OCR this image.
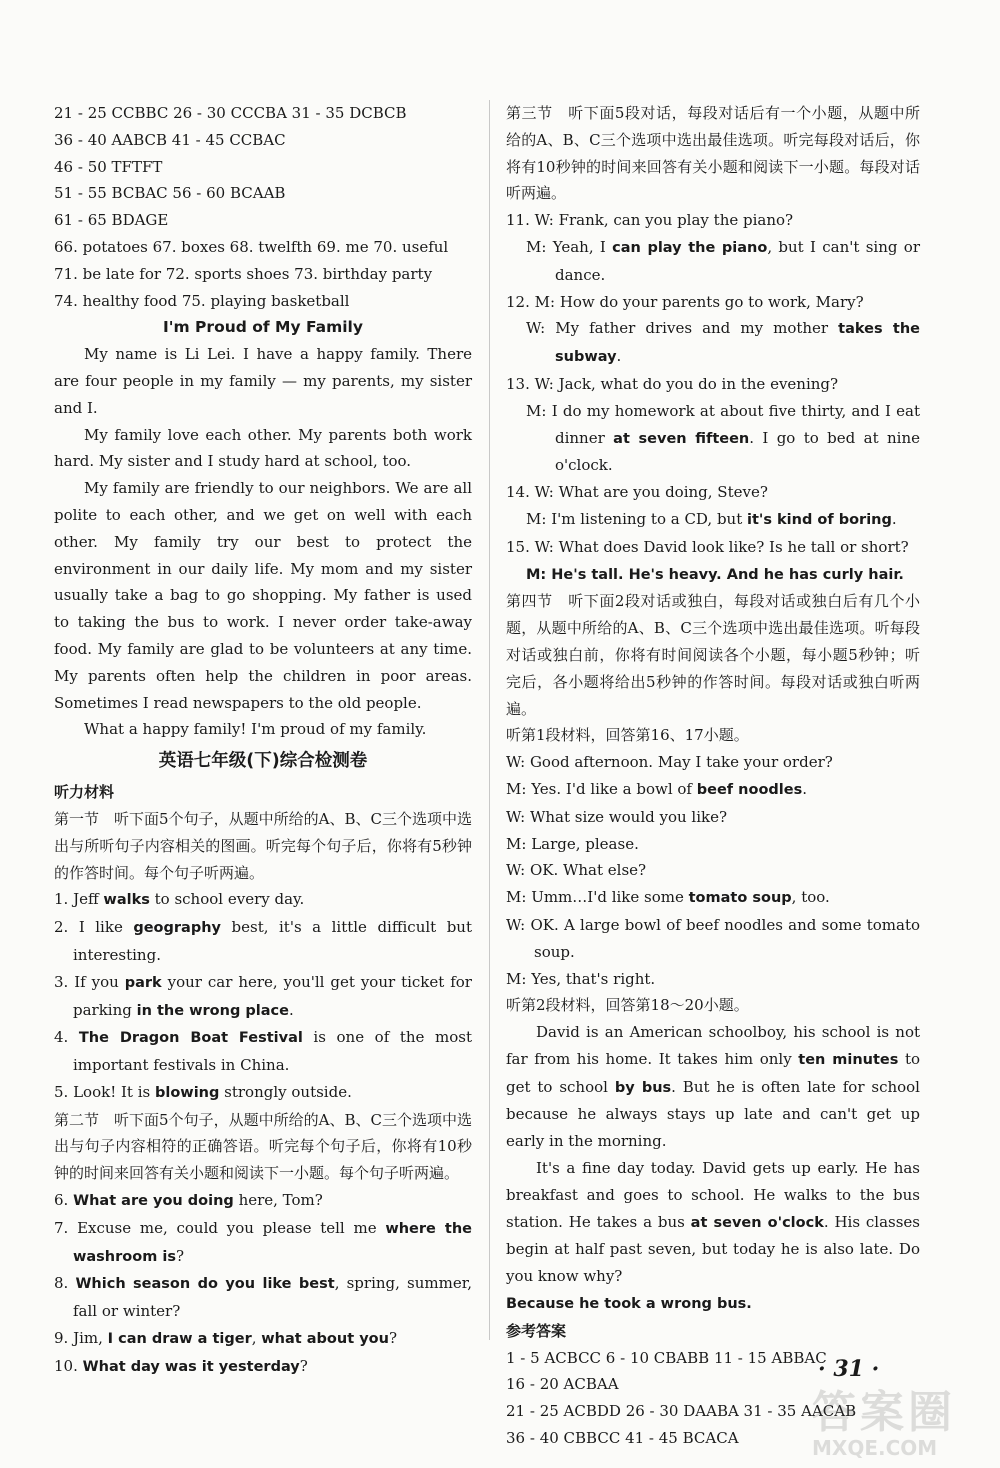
21 - 25 CCBBC 26 - 30 CCCBA 31 - 35 DCBCB

36 - 40 AABCB 41 - 45 CCBAC

46 - 50 TFTFT

51 - 55 BCBAC 56 - 60 BCAAB

61 - 65 BDAGE

66. potatoes 67. boxes 68. twelfth 69. me 70. useful

71. be late for 72. sports shoes 73. birthday party

74. healthy food 75. playing basketball

I'm Proud of My Family

My name is Li Lei. I have a happy family. There are four people in my family — my parents, my sister and I.

My family love each other. My parents both work hard. My sister and I study hard at school, too.

My family are friendly to our neighbors. We are all polite to each other, and we get on well with each other. My family try our best to protect the environment in our daily life. My mom and my sister usually take a bag to go shopping. My father is used to taking the bus to work. I never order take-away food. My family are glad to be volunteers at any time. My parents often help the children in poor areas. Sometimes I read newspapers to the old people.

What a happy family! I'm proud of my family.

英语七年级(下)综合检测卷

听力材料

第一节　听下面5个句子，从题中所给的A、B、C三个选项中选出与所听句子内容相关的图画。听完每个句子后，你将有5秒钟的作答时间。每个句子听两遍。

1. Jeff walks to school every day.

2. I like geography best, it's a little difficult but interesting.

3. If you park your car here, you'll get your ticket for parking in the wrong place.

4. The Dragon Boat Festival is one of the most important festivals in China.

5. Look! It is blowing strongly outside.

第二节　听下面5个句子，从题中所给的A、B、C三个选项中选出与句子内容相符的正确答语。听完每个句子后，你将有10秒钟的时间来回答有关小题和阅读下一小题。每个句子听两遍。

6. What are you doing here, Tom?

7. Excuse me, could you please tell me where the washroom is?

8. Which season do you like best, spring, summer, fall or winter?

9. Jim, I can draw a tiger, what about you?

10. What day was it yesterday?

第三节　听下面5段对话，每段对话后有一个小题，从题中所给的A、B、C三个选项中选出最佳选项。听完每段对话后，你将有10秒钟的时间来回答有关小题和阅读下一小题。每段对话听两遍。

11. W: Frank, can you play the piano?

M: Yeah, I can play the piano, but I can't sing or dance.

12. M: How do your parents go to work, Mary?

W: My father drives and my mother takes the subway.

13. W: Jack, what do you do in the evening?

M: I do my homework at about five thirty, and I eat dinner at seven fifteen. I go to bed at nine o'clock.

14. W: What are you doing, Steve?

M: I'm listening to a CD, but it's kind of boring.

15. W: What does David look like? Is he tall or short?

M: He's tall. He's heavy. And he has curly hair.

第四节　听下面2段对话或独白，每段对话或独白后有几个小题，从题中所给的A、B、C三个选项中选出最佳选项。听每段对话或独白前，你将有时间阅读各个小题，每小题5秒钟；听完后，各小题将给出5秒钟的作答时间。每段对话或独白听两遍。

听第1段材料，回答第16、17小题。

W: Good afternoon. May I take your order?

M: Yes. I'd like a bowl of beef noodles.

W: What size would you like?

M: Large, please.

W: OK. What else?

M: Umm…I'd like some tomato soup, too.

W: OK. A large bowl of beef noodles and some tomato soup.

M: Yes, that's right.

听第2段材料，回答第18～20小题。

David is an American schoolboy, his school is not far from his home. It takes him only ten minutes to get to school by bus. But he is often late for school because he always stays up late and can't get up early in the morning.

It's a fine day today. David gets up early. He has breakfast and goes to school. He walks to the bus station. He takes a bus at seven o'clock. His classes begin at half past seven, but today he is also late. Do you know why?

Because he took a wrong bus.

参考答案

1 - 5 ACBCC 6 - 10 CBABB 11 - 15 ABBAC

16 - 20 ACBAA

21 - 25 ACBDD 26 - 30 DAABA 31 - 35 AACAB

36 - 40 CBBCC 41 - 45 BCACA

· 31 ·
答案圈
MXQE.COM
